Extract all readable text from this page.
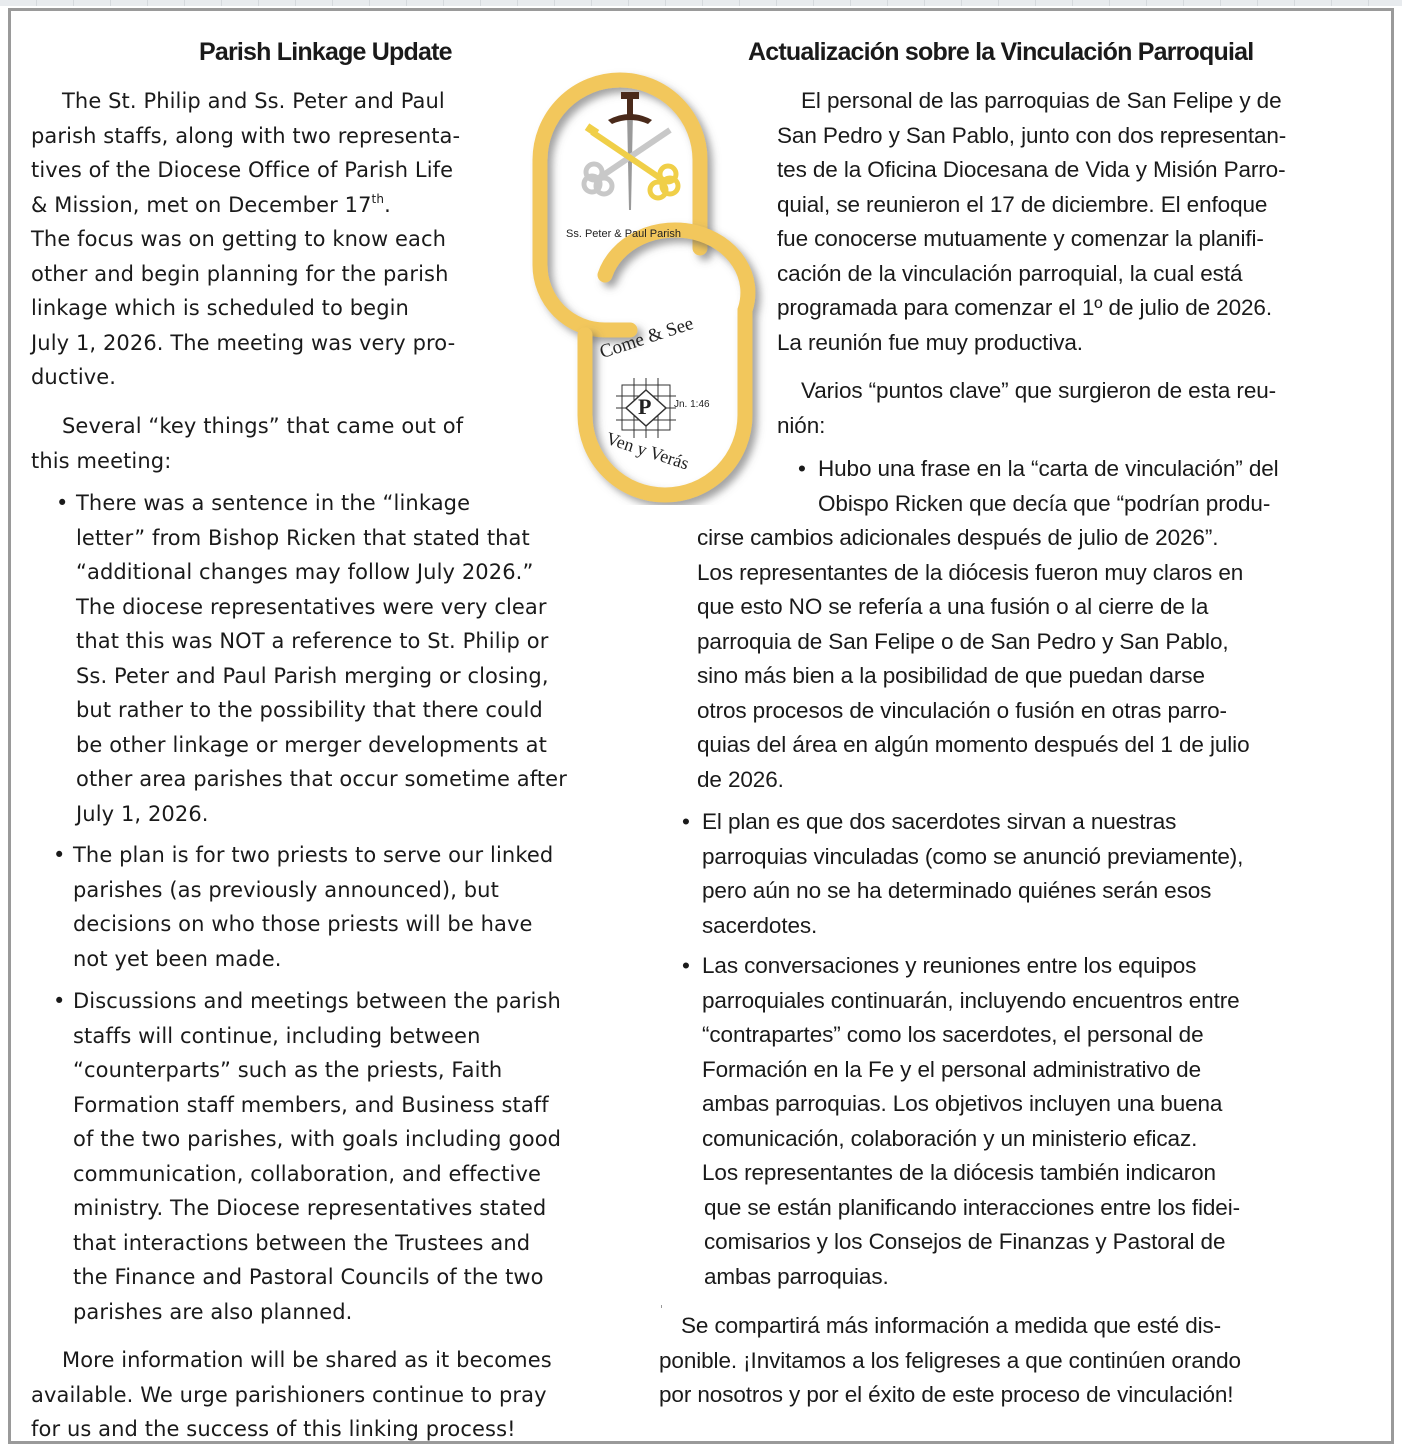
Parish Linkage Update
The St. Philip and Ss. Peter and Paul
parish staffs, along with two representa-
tives of the Diocese Office of Parish Life
& Mission, met on December 17th.
The focus was on getting to know each
other and begin planning for the parish
linkage which is scheduled to begin
July 1, 2026. The meeting was very pro-
ductive.
Several “key things” that came out of
this meeting:
• There was a sentence in the “linkage
letter” from Bishop Ricken that stated that
“additional changes may follow July 2026.”
The diocese representatives were very clear
that this was NOT a reference to St. Philip or
Ss. Peter and Paul Parish merging or closing,
but rather to the possibility that there could
be other linkage or merger developments at
other area parishes that occur sometime after
July 1, 2026.
• The plan is for two priests to serve our linked
parishes (as previously announced), but
decisions on who those priests will be have
not yet been made.
• Discussions and meetings between the parish
staffs will continue, including between
“counterparts” such as the priests, Faith
Formation staff members, and Business staff
of the two parishes, with goals including good
communication, collaboration, and effective
ministry. The Diocese representatives stated
that interactions between the Trustees and
the Finance and Pastoral Councils of the two
parishes are also planned.
More information will be shared as it becomes
available. We urge parishioners continue to pray
for us and the success of this linking process!
Ss. Peter & Paul Parish
Come & See
P Jn. 1:46
Ven y Verás
Actualización sobre la Vinculación Parroquial
El personal de las parroquias de San Felipe y de
San Pedro y San Pablo, junto con dos representan-
tes de la Oficina Diocesana de Vida y Misión Parro-
quial, se reunieron el 17 de diciembre. El enfoque
fue conocerse mutuamente y comenzar la planifi-
cación de la vinculación parroquial, la cual está
programada para comenzar el 1º de julio de 2026.
La reunión fue muy productiva.
Varios “puntos clave” que surgieron de esta reu-
nión:
• Hubo una frase en la “carta de vinculación” del
Obispo Ricken que decía que “podrían produ-
cirse cambios adicionales después de julio de 2026”.
Los representantes de la diócesis fueron muy claros en
que esto NO se refería a una fusión o al cierre de la
parroquia de San Felipe o de San Pedro y San Pablo,
sino más bien a la posibilidad de que puedan darse
otros procesos de vinculación o fusión en otras parro-
quias del área en algún momento después del 1 de julio
de 2026.
• El plan es que dos sacerdotes sirvan a nuestras
parroquias vinculadas (como se anunció previamente),
pero aún no se ha determinado quiénes serán esos
sacerdotes.
• Las conversaciones y reuniones entre los equipos
parroquiales continuarán, incluyendo encuentros entre
“contrapartes” como los sacerdotes, el personal de
Formación en la Fe y el personal administrativo de
ambas parroquias. Los objetivos incluyen una buena
comunicación, colaboración y un ministerio eficaz.
Los representantes de la diócesis también indicaron
que se están planificando interacciones entre los fidei-
comisarios y los Consejos de Finanzas y Pastoral de
ambas parroquias.
Se compartirá más información a medida que esté dis-
ponible. ¡Invitamos a los feligreses a que continúen orando
por nosotros y por el éxito de este proceso de vinculación!
